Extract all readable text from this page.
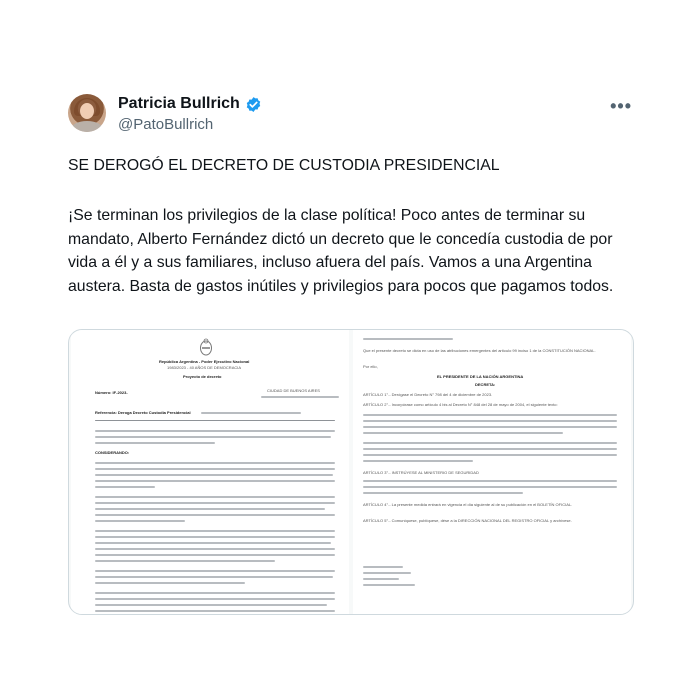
Patricia Bullrich
@PatoBullrich
•••
SE DEROGÓ EL DECRETO DE CUSTODIA PRESIDENCIAL
¡Se terminan los privilegios de la clase política! Poco antes de terminar su mandato, Alberto Fernández dictó un decreto que le concedía custodia de por vida a él y a sus familiares, incluso afuera del país. Vamos a una Argentina austera. Basta de gastos inútiles y privilegios para pocos que pagamos todos.
República Argentina - Poder Ejecutivo Nacional
1983/2023 - 40 AÑOS DE DEMOCRACIA
Proyecto de decreto
Número: IF-2023-	CIUDAD DE BUENOS AIRES
Referencia: Deroga Decreto Custodia Presidencial
CONSIDERANDO:
Que el presente decreto se dicta en uso de las atribuciones emergentes del artículo 99 inciso 1 de la CONSTITUCIÓN NACIONAL.
Por ello,
EL PRESIDENTE DE LA NACIÓN ARGENTINA
DECRETA:
ARTÍCULO 1°.- Derógase el Decreto N° 798 del 4 de diciembre de 2023.
ARTÍCULO 2°.- Incorpórase como artículo 4 bis al Decreto N° 848 del 28 de mayo de 2004, el siguiente texto:
ARTÍCULO 3°.- INSTRÚYESE AL MINISTERIO DE SEGURIDAD
ARTÍCULO 4°.- La presente medida entrará en vigencia el día siguiente al de su publicación en el BOLETÍN OFICIAL.
ARTÍCULO 5°.- Comuníquese, publíquese, dése a la DIRECCIÓN NACIONAL DEL REGISTRO OFICIAL y archívese.
